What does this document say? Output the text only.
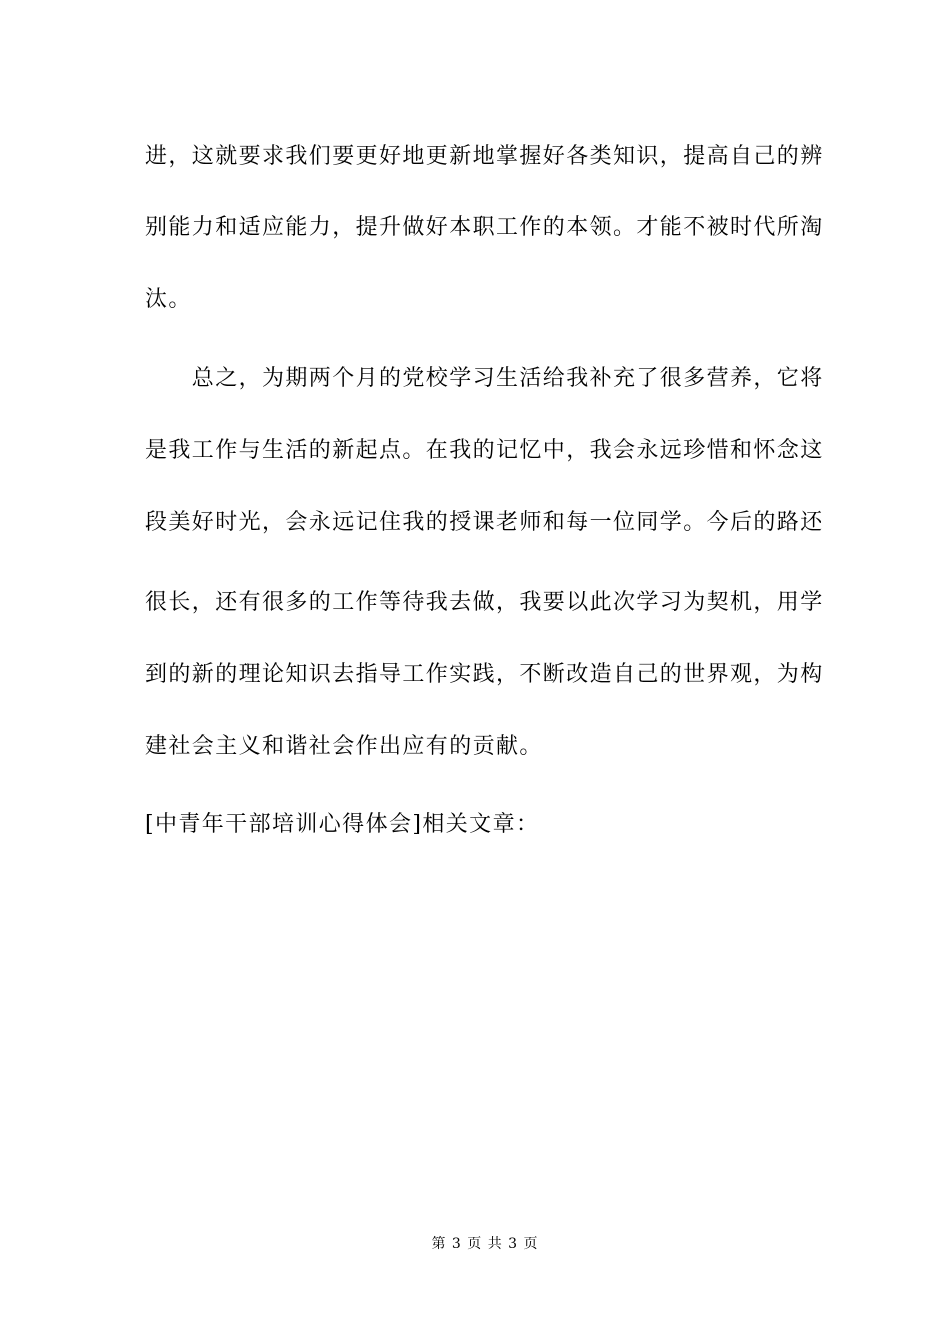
进，这就要求我们要更好地更新地掌握好各类知识，提高自己的辨
别能力和适应能力，提升做好本职工作的本领。才能不被时代所淘
汰。
　　总之，为期两个月的党校学习生活给我补充了很多营养，它将
是我工作与生活的新起点。在我的记忆中，我会永远珍惜和怀念这
段美好时光，会永远记住我的授课老师和每一位同学。今后的路还
很长，还有很多的工作等待我去做，我要以此次学习为契机，用学
到的新的理论知识去指导工作实践，不断改造自己的世界观，为构
建社会主义和谐社会作出应有的贡献。
[中青年干部培训心得体会]相关文章：
第 3 页 共 3 页
